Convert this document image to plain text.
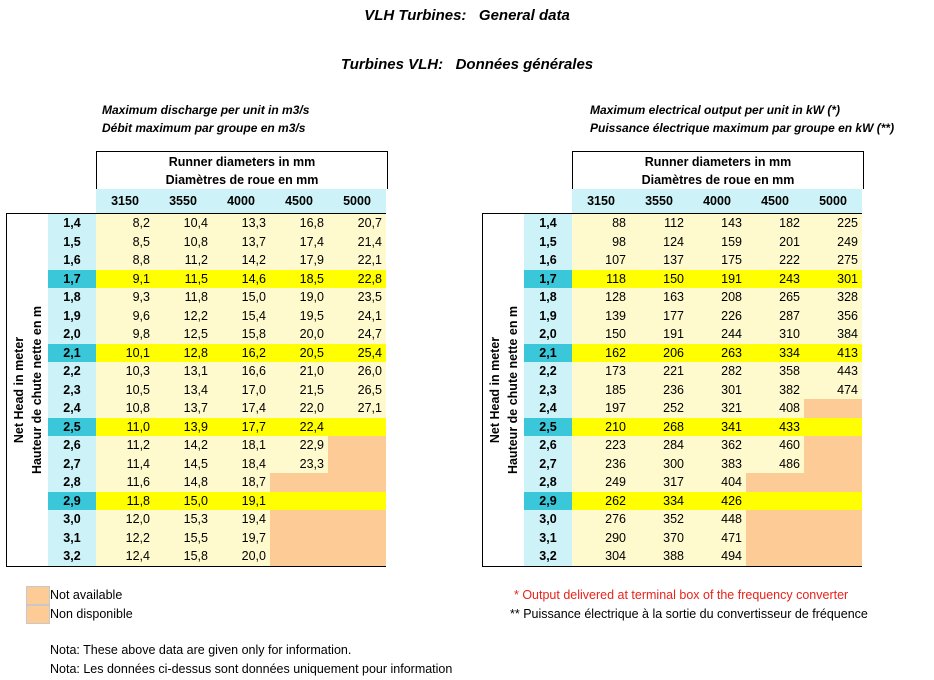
VLH Turbines:   General data
Turbines VLH:   Données générales
Maximum discharge per unit in m3/s
Débit maximum par groupe en m3/s
Runner diameters in mm
Diamètres de roue en mm
3150	3550	4000	4500	5000
Net Head in meter Hauteur de chute nette en m
1,4	8,2	10,4	13,3	16,8	20,7
1,5	8,5	10,8	13,7	17,4	21,4
1,6	8,8	11,2	14,2	17,9	22,1
1,7	9,1	11,5	14,6	18,5	22,8
1,8	9,3	11,8	15,0	19,0	23,5
1,9	9,6	12,2	15,4	19,5	24,1
2,0	9,8	12,5	15,8	20,0	24,7
2,1	10,1	12,8	16,2	20,5	25,4
2,2	10,3	13,1	16,6	21,0	26,0
2,3	10,5	13,4	17,0	21,5	26,5
2,4	10,8	13,7	17,4	22,0	27,1
2,5	11,0	13,9	17,7	22,4
2,6	11,2	14,2	18,1	22,9
2,7	11,4	14,5	18,4	23,3
2,8	11,6	14,8	18,7
2,9	11,8	15,0	19,1
3,0	12,0	15,3	19,4
3,1	12,2	15,5	19,7
3,2	12,4	15,8	20,0
Maximum electrical output per unit in kW (*)
Puissance électrique maximum par groupe en kW (**)
Runner diameters in mm
Diamètres de roue en mm
3150	3550	4000	4500	5000
Net Head in meter Hauteur de chute nette en m
1,4	88	112	143	182	225
1,5	98	124	159	201	249
1,6	107	137	175	222	275
1,7	118	150	191	243	301
1,8	128	163	208	265	328
1,9	139	177	226	287	356
2,0	150	191	244	310	384
2,1	162	206	263	334	413
2,2	173	221	282	358	443
2,3	185	236	301	382	474
2,4	197	252	321	408
2,5	210	268	341	433
2,6	223	284	362	460
2,7	236	300	383	486
2,8	249	317	404
2,9	262	334	426
3,0	276	352	448
3,1	290	370	471
3,2	304	388	494
Not available
Non disponible
* Output delivered at terminal box of the frequency converter
** Puissance électrique à la sortie du convertisseur de fréquence
Nota: These above data are given only for information.
Nota: Les données ci-dessus sont données uniquement pour information
